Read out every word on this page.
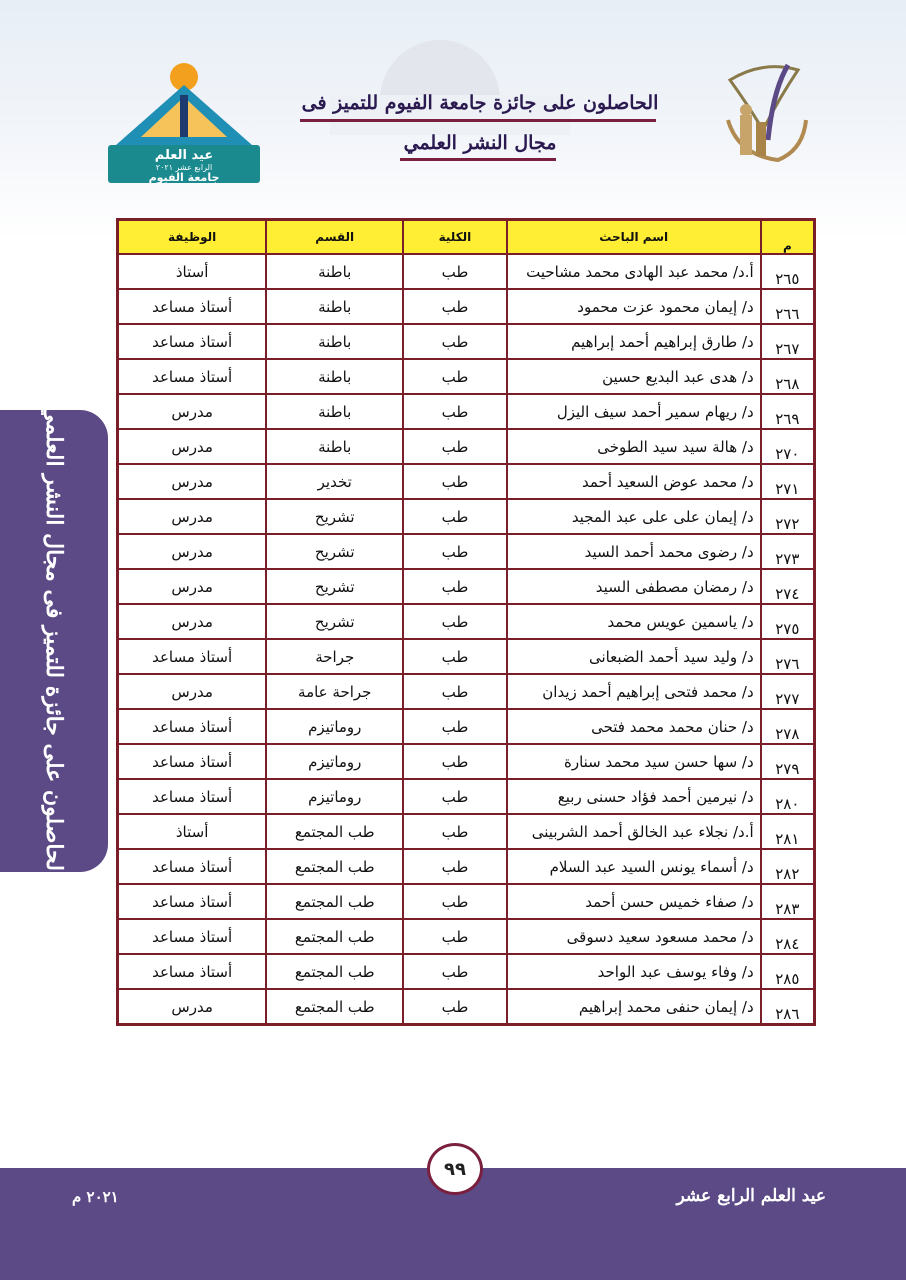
الحاصلون على جائزة جامعة الفيوم للتميز فى
مجال النشر العلمي
عيد العلم
الرابع عشر ٢٠٢١
جامعة الفيوم
الحاصلون على جائزة للتميز فى مجال النشر العلمي
م	اسم الباحث	الكلية	القسم	الوظيفة
٢٦٥	أ.د/ محمد عبد الهادى محمد مشاحيت	طب	باطنة	أستاذ
٢٦٦	د/ إيمان محمود عزت محمود	طب	باطنة	أستاذ مساعد
٢٦٧	د/ طارق إبراهيم أحمد إبراهيم	طب	باطنة	أستاذ مساعد
٢٦٨	د/ هدى عبد البديع حسين	طب	باطنة	أستاذ مساعد
٢٦٩	د/ ريهام سمير أحمد سيف اليزل	طب	باطنة	مدرس
٢٧٠	د/ هالة سيد سيد الطوخى	طب	باطنة	مدرس
٢٧١	د/ محمد عوض السعيد أحمد	طب	تخدير	مدرس
٢٧٢	د/ إيمان على على عبد المجيد	طب	تشريح	مدرس
٢٧٣	د/ رضوى محمد أحمد السيد	طب	تشريح	مدرس
٢٧٤	د/ رمضان مصطفى السيد	طب	تشريح	مدرس
٢٧٥	د/ ياسمين عويس محمد	طب	تشريح	مدرس
٢٧٦	د/ وليد سيد أحمد الضبعانى	طب	جراحة	أستاذ مساعد
٢٧٧	د/ محمد فتحى إبراهيم أحمد زيدان	طب	جراحة عامة	مدرس
٢٧٨	د/ حنان محمد محمد فتحى	طب	روماتيزم	أستاذ مساعد
٢٧٩	د/ سها حسن سيد محمد سنارة	طب	روماتيزم	أستاذ مساعد
٢٨٠	د/ نيرمين أحمد فؤاد حسنى ربيع	طب	روماتيزم	أستاذ مساعد
٢٨١	أ.د/ نجلاء عبد الخالق أحمد الشربينى	طب	طب المجتمع	أستاذ
٢٨٢	د/ أسماء يونس السيد عبد السلام	طب	طب المجتمع	أستاذ مساعد
٢٨٣	د/ صفاء خميس حسن أحمد	طب	طب المجتمع	أستاذ مساعد
٢٨٤	د/ محمد مسعود سعيد دسوقى	طب	طب المجتمع	أستاذ مساعد
٢٨٥	د/ وفاء يوسف عبد الواحد	طب	طب المجتمع	أستاذ مساعد
٢٨٦	د/ إيمان حنفى محمد إبراهيم	طب	طب المجتمع	مدرس
٩٩
عيد العلم الرابع عشر
٢٠٢١ م
